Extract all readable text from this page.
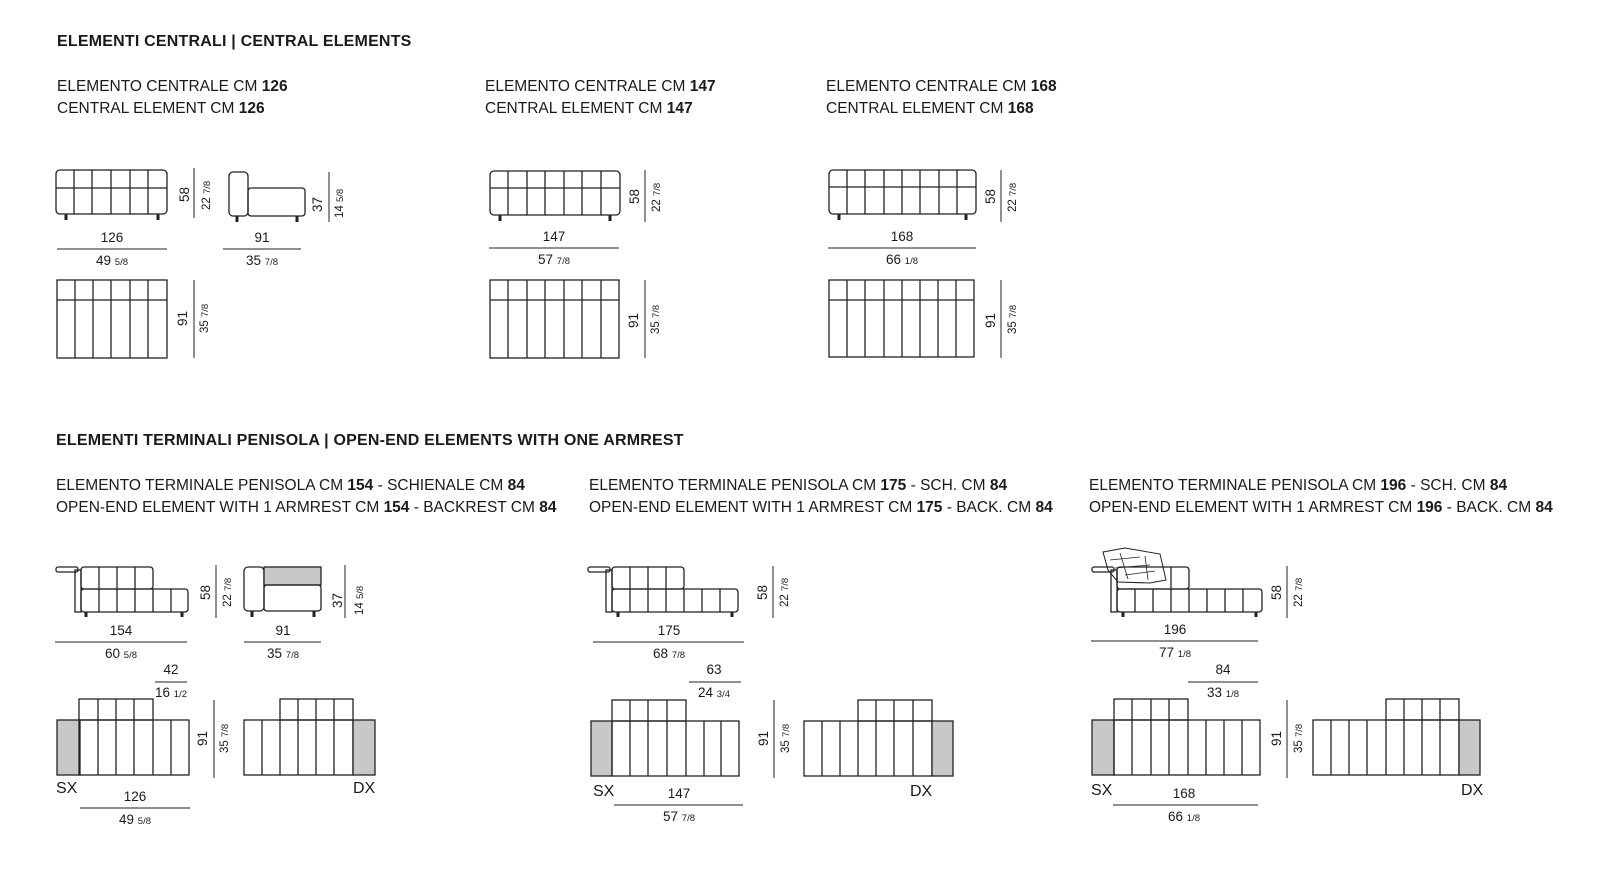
ELEMENTI CENTRALI | CENTRAL ELEMENTS
ELEMENTI TERMINALI PENISOLA | OPEN-END ELEMENTS WITH ONE ARMREST
ELEMENTO CENTRALE CM 126
CENTRAL ELEMENT CM 126
ELEMENTO CENTRALE CM 147
CENTRAL ELEMENT CM 147
ELEMENTO CENTRALE CM 168
CENTRAL ELEMENT CM 168
ELEMENTO TERMINALE PENISOLA CM 154 - SCHIENALE CM 84
OPEN-END ELEMENT WITH 1 ARMREST CM 154 - BACKREST CM 84
ELEMENTO TERMINALE PENISOLA CM 175 - SCH. CM 84
OPEN-END ELEMENT WITH 1 ARMREST CM 175 - BACK. CM 84
ELEMENTO TERMINALE PENISOLA CM 196 - SCH. CM 84
OPEN-END ELEMENT WITH 1 ARMREST CM 196 - BACK. CM 84
126
49 5/8
58
22 7/8
91
35 7/8
37 14 5/8
91
35 7/8
147
57 7/8
58
22 7/8
91 35 7/8
168
66 1/8
58
22 7/8
91 35 7/8
154
60 5/8
58
22 7/8
91
35 7/8
37
14 5/8
42
16 1/2
91
35 7/8
126
49 5/8
SX	DX
175
68 7/8
58
22 7/8
63
24 3/4
91
35 7/8
147
57 7/8
SX	DX
196
77 1/8
58
22 7/8
84
33 1/8
91
35 7/8
168
66 1/8
SX	DX
